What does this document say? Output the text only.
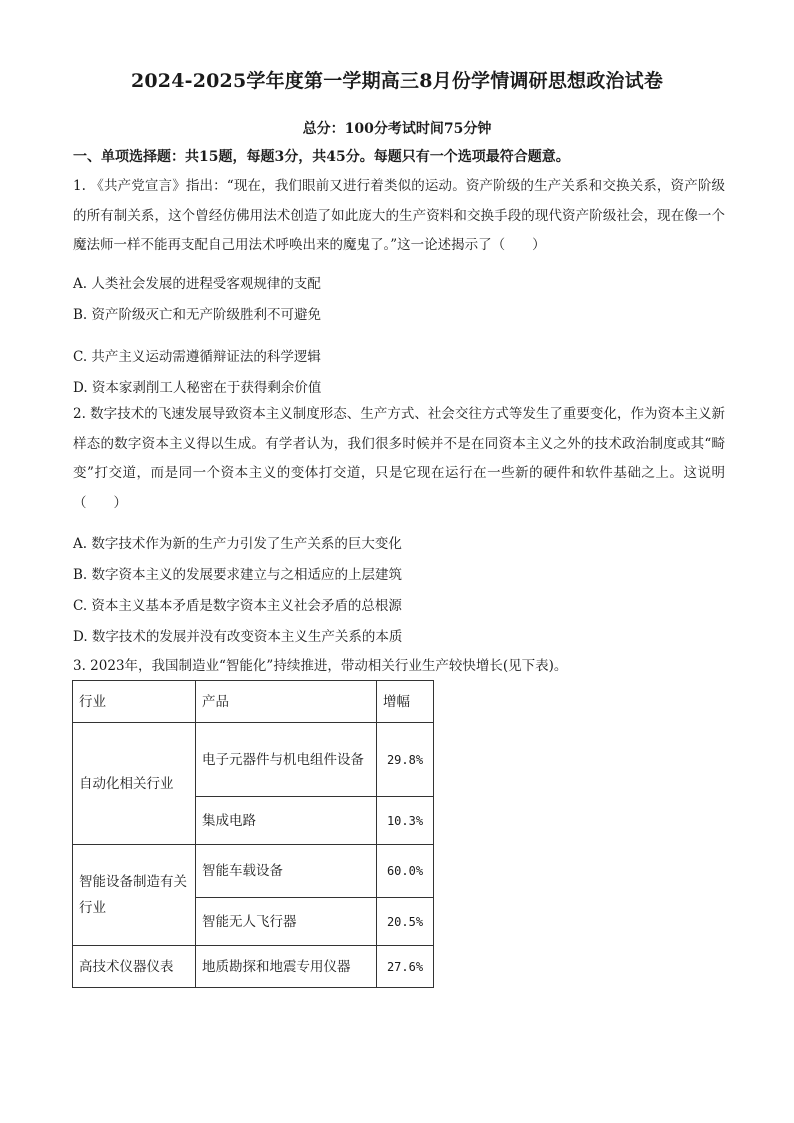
2024-2025学年度第一学期高三8月份学情调研思想政治试卷
总分：100分考试时间75分钟
一、单项选择题：共15题，每题3分，共45分。每题只有一个选项最符合题意。
1. 《共产党宣言》指出：“现在，我们眼前又进行着类似的运动。资产阶级的生产关系和交换关系，资产阶级的所有制关系，这个曾经仿佛用法术创造了如此庞大的生产资料和交换手段的现代资产阶级社会，现在像一个魔法师一样不能再支配自己用法术呼唤出来的魔鬼了。”这一论述揭示了（　　）
A. 人类社会发展的进程受客观规律的支配
B. 资产阶级灭亡和无产阶级胜利不可避免
C. 共产主义运动需遵循辩证法的科学逻辑
D. 资本家剥削工人秘密在于获得剩余价值
2. 数字技术的飞速发展导致资本主义制度形态、生产方式、社会交往方式等发生了重要变化，作为资本主义新样态的数字资本主义得以生成。有学者认为，我们很多时候并不是在同资本主义之外的技术政治制度或其“畸变”打交道，而是同一个资本主义的变体打交道，只是它现在运行在一些新的硬件和软件基础之上。这说明（　　）
A. 数字技术作为新的生产力引发了生产关系的巨大变化
B. 数字资本主义的发展要求建立与之相适应的上层建筑
C. 资本主义基本矛盾是数字资本主义社会矛盾的总根源
D. 数字技术的发展并没有改变资本主义生产关系的本质
3. 2023年，我国制造业“智能化”持续推进，带动相关行业生产较快增长(见下表)。
行业	产品	增幅
自动化相关行业	电子元器件与机电组件设备	29.8%
	集成电路	10.3%
智能设备制造有关行业	智能车载设备	60.0%
	智能无人飞行器	20.5%
高技术仪器仪表	地质勘探和地震专用仪器	27.6%
